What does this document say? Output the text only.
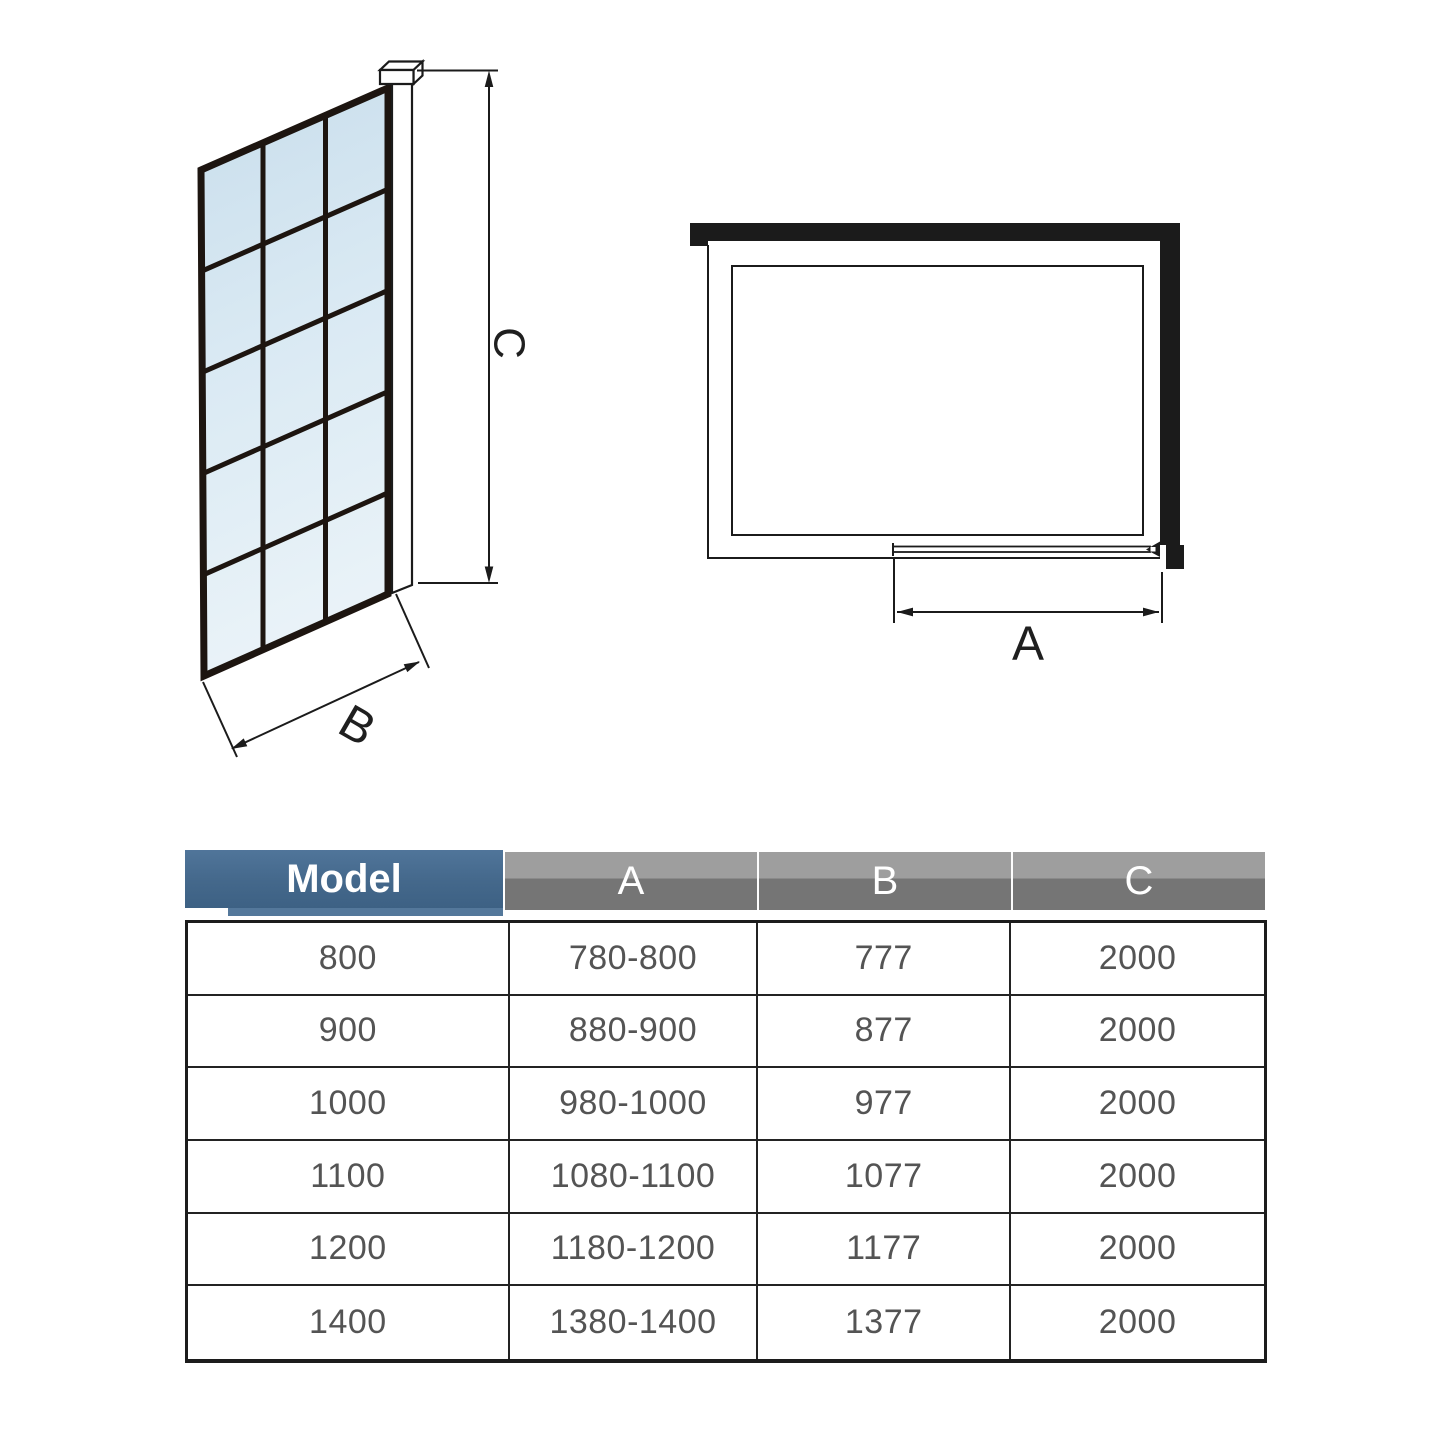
C
B
A
Model	A	B	C
800	780-800	777	2000
900	880-900	877	2000
1000	980-1000	977	2000
1100	1080-1100	1077	2000
1200	1180-1200	1177	2000
1400	1380-1400	1377	2000
